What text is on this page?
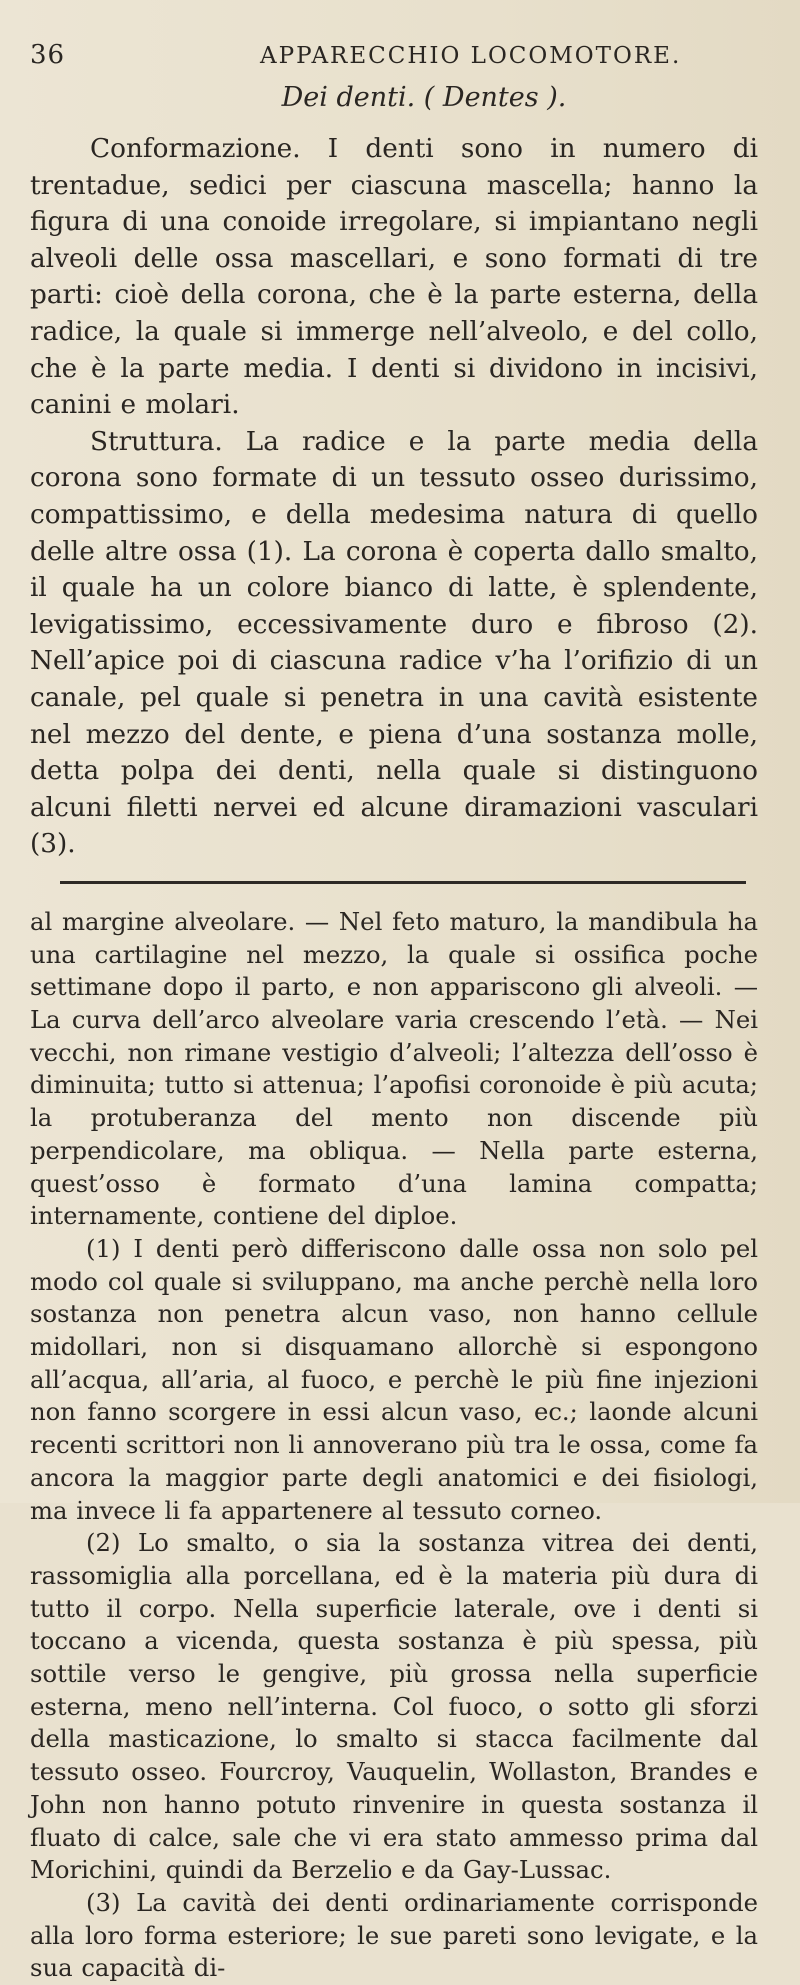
36	APPARECCHIO LOCOMOTORE.
Dei denti. ( Dentes ).

Conformazione. I denti sono in numero di trentadue, sedici per ciascuna mascella; hanno la figura di una conoide irregolare, si impiantano negli alveoli delle ossa mascellari, e sono formati di tre parti: cioè della corona, che è la parte esterna, della radice, la quale si immerge nell’alveolo, e del collo, che è la parte media. I denti si dividono in incisivi, canini e molari.

Struttura. La radice e la parte media della corona sono formate di un tessuto osseo durissimo, compattissimo, e della medesima natura di quello delle altre ossa (1). La corona è coperta dallo smalto, il quale ha un colore bianco di latte, è splendente, levigatissimo, eccessivamente duro e fibroso (2). Nell’apice poi di ciascuna radice v’ha l’orifizio di un canale, pel quale si penetra in una cavità esistente nel mezzo del dente, e piena d’una sostanza molle, detta polpa dei denti, nella quale si distinguono alcuni filetti nervei ed alcune diramazioni vasculari (3).

al margine alveolare. — Nel feto maturo, la mandibula ha una cartilagine nel mezzo, la quale si ossifica poche settimane dopo il parto, e non appariscono gli alveoli. — La curva dell’arco alveolare varia crescendo l’età. — Nei vecchi, non rimane vestigio d’alveoli; l’altezza dell’osso è diminuita; tutto si attenua; l’apofisi coronoide è più acuta; la protuberanza del mento non discende più perpendicolare, ma obliqua. — Nella parte esterna, quest’osso è formato d’una lamina compatta; internamente, contiene del diploe.

(1) I denti però differiscono dalle ossa non solo pel modo col quale si sviluppano, ma anche perchè nella loro sostanza non penetra alcun vaso, non hanno cellule midollari, non si disquamano allorchè si espongono all’acqua, all’aria, al fuoco, e perchè le più fine injezioni non fanno scorgere in essi alcun vaso, ec.; laonde alcuni recenti scrittori non li annoverano più tra le ossa, come fa ancora la maggior parte degli anatomici e dei fisiologi, ma invece li fa appartenere al tessuto corneo.

(2) Lo smalto, o sia la sostanza vitrea dei denti, rassomiglia alla porcellana, ed è la materia più dura di tutto il corpo. Nella superficie laterale, ove i denti si toccano a vicenda, questa sostanza è più spessa, più sottile verso le gengive, più grossa nella superficie esterna, meno nell’interna. Col fuoco, o sotto gli sforzi della masticazione, lo smalto si stacca facilmente dal tessuto osseo. Fourcroy, Vauquelin, Wollaston, Brandes e John non hanno potuto rinvenire in questa sostanza il fluato di calce, sale che vi era stato ammesso prima dal Morichini, quindi da Berzelio e da Gay-Lussac.

(3) La cavità dei denti ordinariamente corrisponde alla loro forma esteriore; le sue pareti sono levigate, e la sua capacità di-
